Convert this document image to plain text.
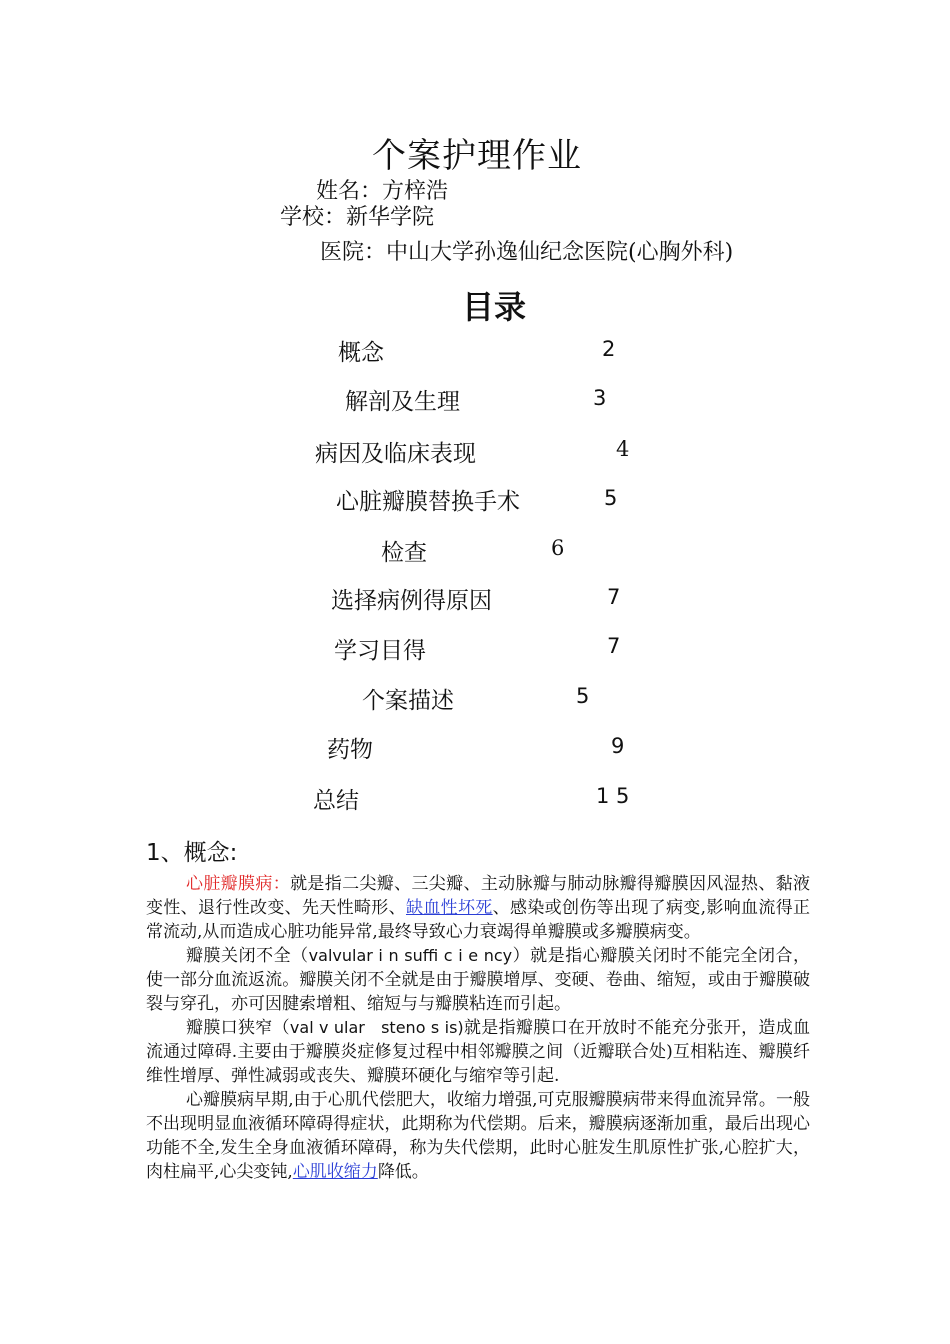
个案护理作业
姓名：方梓浩
学校：新华学院
医院：中山大学孙逸仙纪念医院(心胸外科)
目录
概念	2
解剖及生理	3
病因及临床表现	4
心脏瓣膜替换手术	5
检查	6
选择病例得原因	7
学习目得	7
个案描述	5
药物	9
总结	1 5
1、概念:

心脏瓣膜病：就是指二尖瓣、三尖瓣、主动脉瓣与肺动脉瓣得瓣膜因风湿热、黏液变性、退行性改变、先天性畸形、缺血性坏死、感染或创伤等出现了病变,影响血流得正常流动,从而造成心脏功能异常,最终导致心力衰竭得单瓣膜或多瓣膜病变。

瓣膜关闭不全（valvular i n suffi c i e ncy）就是指心瓣膜关闭时不能完全闭合，使一部分血流返流。瓣膜关闭不全就是由于瓣膜增厚、变硬、卷曲、缩短，或由于瓣膜破裂与穿孔，亦可因腱索增粗、缩短与与瓣膜粘连而引起。

瓣膜口狭窄（val v ular   steno s is)就是指瓣膜口在开放时不能充分张开，造成血流通过障碍.主要由于瓣膜炎症修复过程中相邻瓣膜之间（近瓣联合处)互相粘连、瓣膜纤维性增厚、弹性减弱或丧失、瓣膜环硬化与缩窄等引起.

心瓣膜病早期,由于心肌代偿肥大，收缩力增强,可克服瓣膜病带来得血流异常。一般不出现明显血液循环障碍得症状，此期称为代偿期。后来，瓣膜病逐渐加重，最后出现心功能不全,发生全身血液循环障碍，称为失代偿期，此时心脏发生肌原性扩张,心腔扩大，肉柱扁平,心尖变钝,心肌收缩力降低。
